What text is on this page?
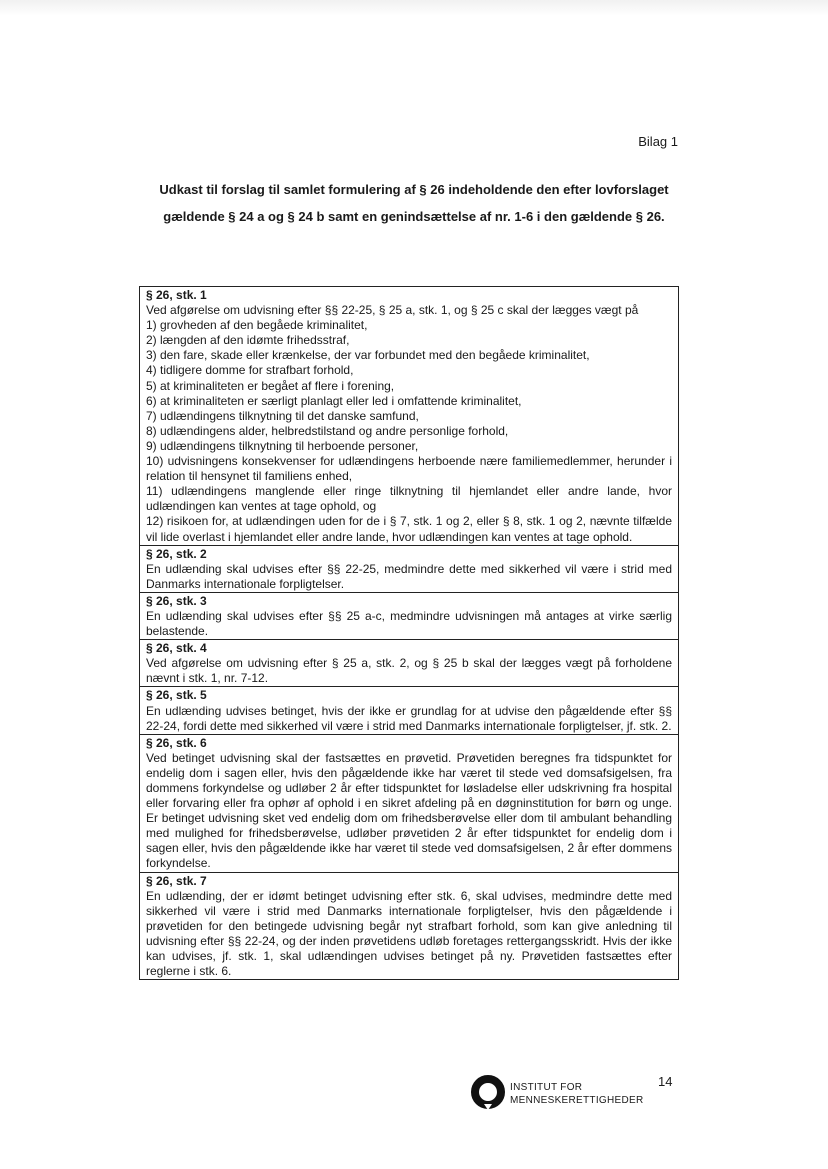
Bilag 1
Udkast til forslag til samlet formulering af § 26 indeholdende den efter lovforslaget
gældende § 24 a og § 24 b samt en genindsættelse af nr. 1-6 i den gældende § 26.
§ 26, stk. 1
Ved afgørelse om udvisning efter §§ 22-25, § 25 a, stk. 1, og § 25 c skal der lægges vægt på
1) grovheden af den begåede kriminalitet,
2) længden af den idømte frihedsstraf,
3) den fare, skade eller krænkelse, der var forbundet med den begåede kriminalitet,
4) tidligere domme for strafbart forhold,
5) at kriminaliteten er begået af flere i forening,
6) at kriminaliteten er særligt planlagt eller led i omfattende kriminalitet,
7) udlændingens tilknytning til det danske samfund,
8) udlændingens alder, helbredstilstand og andre personlige forhold,
9) udlændingens tilknytning til herboende personer,
10) udvisningens konsekvenser for udlændingens herboende nære familiemedlemmer, herunder i relation til hensynet til familiens enhed,
11) udlændingens manglende eller ringe tilknytning til hjemlandet eller andre lande, hvor udlændingen kan ventes at tage ophold, og
12) risikoen for, at udlændingen uden for de i § 7, stk. 1 og 2, eller § 8, stk. 1 og 2, nævnte tilfælde vil lide overlast i hjemlandet eller andre lande, hvor udlændingen kan ventes at tage ophold.
§ 26, stk. 2
En udlænding skal udvises efter §§ 22-25, medmindre dette med sikkerhed vil være i strid med Danmarks internationale forpligtelser.
§ 26, stk. 3
En udlænding skal udvises efter §§ 25 a-c, medmindre udvisningen må antages at virke særlig belastende.
§ 26, stk. 4
Ved afgørelse om udvisning efter § 25 a, stk. 2, og § 25 b skal der lægges vægt på forholdene nævnt i stk. 1, nr. 7-12.
§ 26, stk. 5
En udlænding udvises betinget, hvis der ikke er grundlag for at udvise den pågældende efter §§ 22-24, fordi dette med sikkerhed vil være i strid med Danmarks internationale forpligtelser, jf. stk. 2.
§ 26, stk. 6
Ved betinget udvisning skal der fastsættes en prøvetid. Prøvetiden beregnes fra tidspunktet for endelig dom i sagen eller, hvis den pågældende ikke har været til stede ved domsafsigelsen, fra dommens forkyndelse og udløber 2 år efter tidspunktet for løsladelse eller udskrivning fra hospital eller forvaring eller fra ophør af ophold i en sikret afdeling på en døgninstitution for børn og unge. Er betinget udvisning sket ved endelig dom om frihedsberøvelse eller dom til ambulant behandling med mulighed for frihedsberøvelse, udløber prøvetiden 2 år efter tidspunktet for endelig dom i sagen eller, hvis den pågældende ikke har været til stede ved domsafsigelsen, 2 år efter dommens forkyndelse.
§ 26, stk. 7
En udlænding, der er idømt betinget udvisning efter stk. 6, skal udvises, medmindre dette med sikkerhed vil være i strid med Danmarks internationale forpligtelser, hvis den pågældende i prøvetiden for den betingede udvisning begår nyt strafbart forhold, som kan give anledning til udvisning efter §§ 22-24, og der inden prøvetidens udløb foretages rettergangsskridt. Hvis der ikke kan udvises, jf. stk. 1, skal udlændingen udvises betinget på ny. Prøvetiden fastsættes efter reglerne i stk. 6.
INSTITUT FOR
MENNESKERETTIGHEDER
14
